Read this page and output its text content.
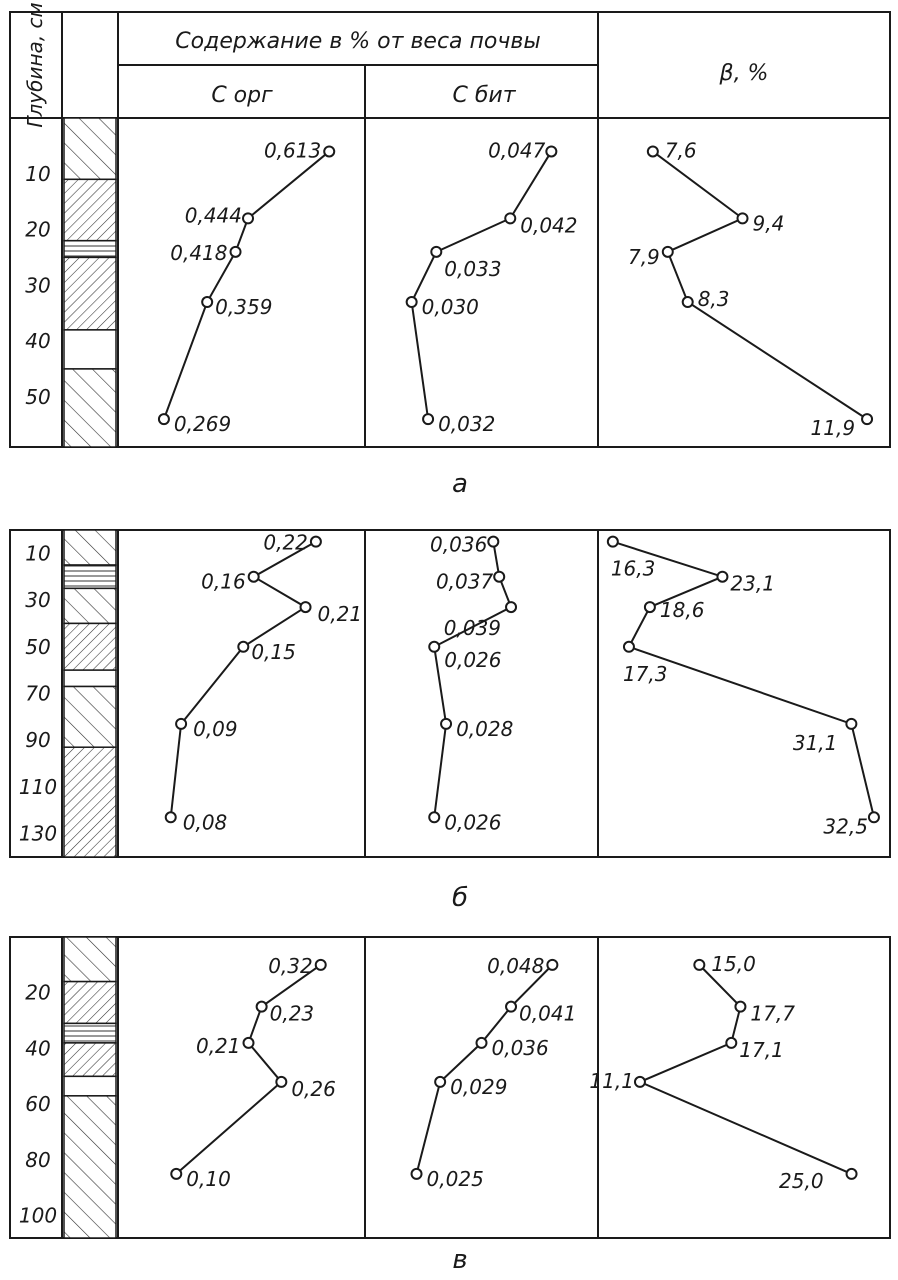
Глубина, см	Содержание в % от веса почвы
С орг	С бит
β, %
10
20
30
40
50
0,613
0,444
0,418
0,359
0,269
0,047
0,042
0,033
0,030
0,032
7,6
9,4
7,9
8,3
11,9
а
10
30
50
70
90
110
130
0,22
0,16
0,21
0,15
0,09
0,08
0,036
0,037
0,039
0,026
0,028
0,026
16,3
23,1
18,6
17,3
31,1
32,5
б
20
40
60
80
100
0,32
0,23
0,21
0,26
0,10
0,048
0,041
0,036
0,029
0,025
15,0
17,7
17,1
11,1
25,0
в
